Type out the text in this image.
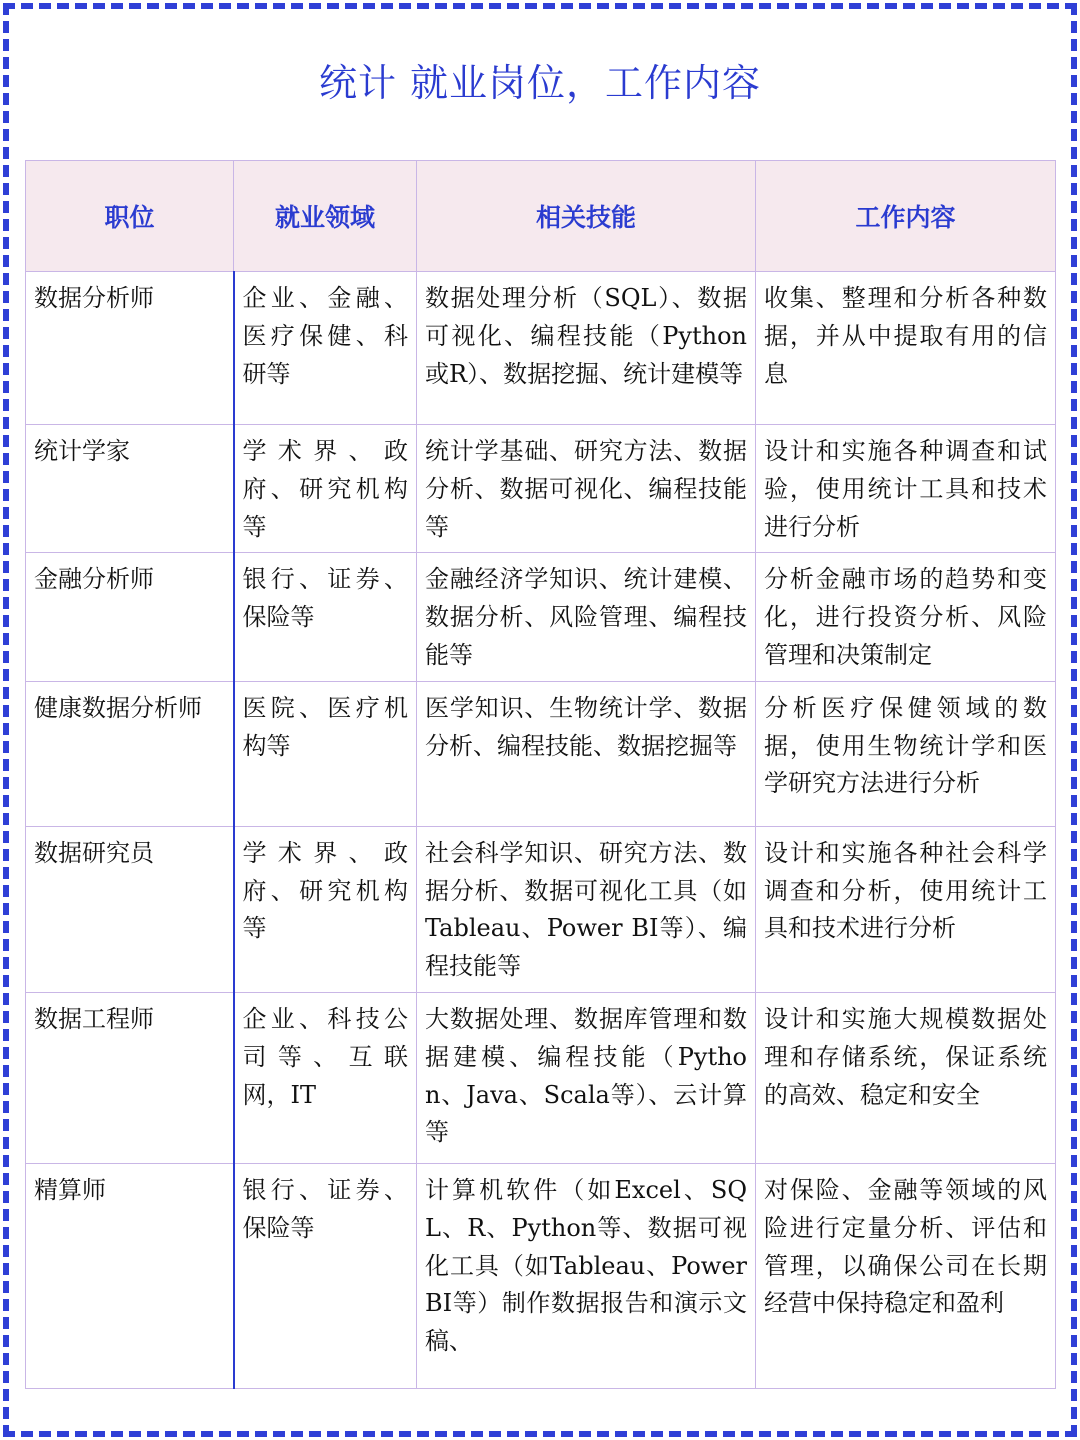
统计 就业岗位，工作内容
职位	就业领域	相关技能	工作内容
数据分析师	企业、金融、医疗保健、科研等	数据处理分析（SQL）、数据可视化、编程技能（Python或R）、数据挖掘、统计建模等	收集、整理和分析各种数据，并从中提取有用的信息
统计学家	学术界、政府、研究机构等	统计学基础、研究方法、数据分析、数据可视化、编程技能等	设计和实施各种调查和试验，使用统计工具和技术进行分析
金融分析师	银行、证券、保险等	金融经济学知识、统计建模、数据分析、风险管理、编程技能等	分析金融市场的趋势和变化，进行投资分析、风险管理和决策制定
健康数据分析师	医院、医疗机构等	医学知识、生物统计学、数据分析、编程技能、数据挖掘等	分析医疗保健领域的数据，使用生物统计学和医学研究方法进行分析
数据研究员	学术界、政府、研究机构等	社会科学知识、研究方法、数据分析、数据可视化工具（如Tableau、Power BI等）、编程技能等	设计和实施各种社会科学调查和分析，使用统计工具和技术进行分析
数据工程师	企业、科技公司等、互联网，IT	大数据处理、数据库管理和数据建模、编程技能（Python、Java、Scala等）、云计算等	设计和实施大规模数据处理和存储系统，保证系统的高效、稳定和安全
精算师	银行、证券、保险等	计算机软件（如Excel、SQL、R、Python等、数据可视化工具（如Tableau、Power BI等）制作数据报告和演示文稿、	对保险、金融等领域的风险进行定量分析、评估和管理，以确保公司在长期经营中保持稳定和盈利
